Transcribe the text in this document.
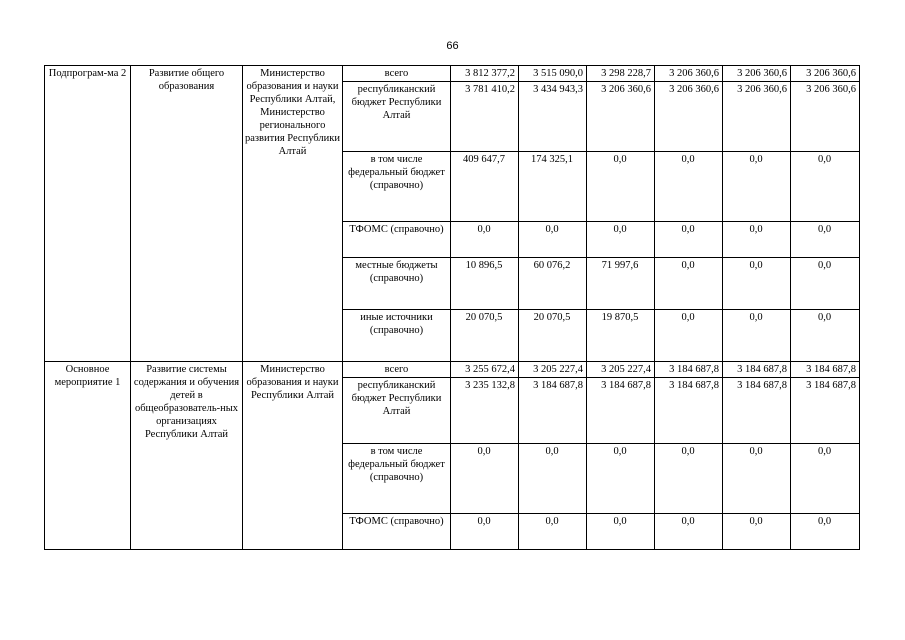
66
Подпрограм-ма 2	Развитие общего образования	Министерство образования и науки Республики Алтай, Министерство регионального развития Республики Алтай	всего	3 812 377,2	3 515 090,0	3 298 228,7	3 206 360,6	3 206 360,6	3 206 360,6
			республиканский бюджет Республики Алтай	3 781 410,2	3 434 943,3	3 206 360,6	3 206 360,6	3 206 360,6	3 206 360,6
			в том числе федеральный бюджет (справочно)	409 647,7	174 325,1	0,0	0,0	0,0	0,0
			ТФОМС (справочно)	0,0	0,0	0,0	0,0	0,0	0,0
			местные бюджеты (справочно)	10 896,5	60 076,2	71 997,6	0,0	0,0	0,0
			иные источники (справочно)	20 070,5	20 070,5	19 870,5	0,0	0,0	0,0
Основное мероприятие 1	Развитие системы содержания и обучения детей в общеобразователь-ных организациях Республики Алтай	Министерство образования и науки Республики Алтай	всего	3 255 672,4	3 205 227,4	3 205 227,4	3 184 687,8	3 184 687,8	3 184 687,8
			республиканский бюджет Республики Алтай	3 235 132,8	3 184 687,8	3 184 687,8	3 184 687,8	3 184 687,8	3 184 687,8
			в том числе федеральный бюджет (справочно)	0,0	0,0	0,0	0,0	0,0	0,0
			ТФОМС (справочно)	0,0	0,0	0,0	0,0	0,0	0,0
